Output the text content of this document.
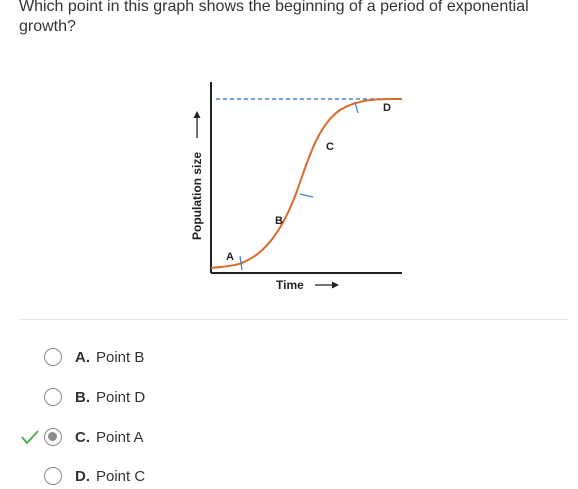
Which point in this graph shows the beginning of a period of exponential growth?
A
B
C
D
Population size
Time
A. Point B
B. Point D
C. Point A
D. Point C
